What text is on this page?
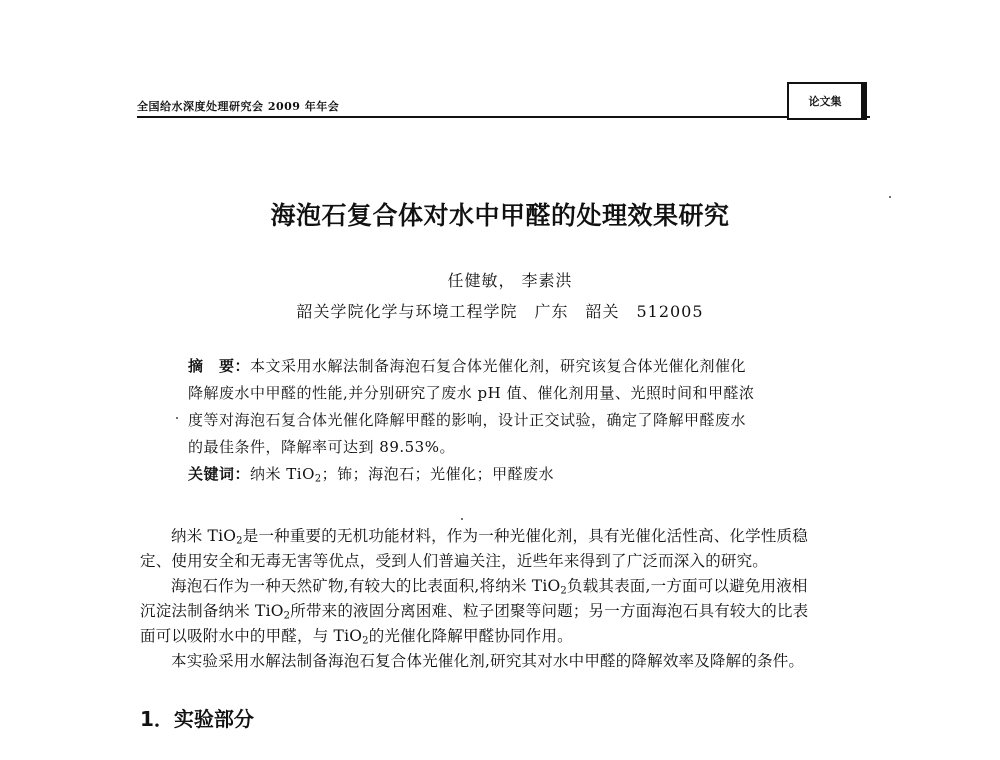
全国给水深度处理研究会 2009 年年会	论文集
海泡石复合体对水中甲醛的处理效果研究
任健敏， 李素洪
韶关学院化学与环境工程学院　广东　韶关　512005
摘　要：本文采用水解法制备海泡石复合体光催化剂，研究该复合体光催化剂催化
降解废水中甲醛的性能,并分别研究了废水 pH 值、催化剂用量、光照时间和甲醛浓
度等对海泡石复合体光催化降解甲醛的影响，设计正交试验，确定了降解甲醛废水
的最佳条件，降解率可达到 89.53%。
关键词：纳米 TiO$_2$；钸；海泡石；光催化；甲醛废水
纳米 TiO$_2$是一种重要的无机功能材料，作为一种光催化剂，具有光催化活性高、化学性质稳
定、使用安全和无毒无害等优点，受到人们普遍关注，近些年来得到了广泛而深入的研究。
海泡石作为一种天然矿物,有较大的比表面积,将纳米 TiO$_2$负载其表面,一方面可以避免用液相
沉淀法制备纳米 TiO$_2$所带来的液固分离困难、粒子团聚等问题；另一方面海泡石具有较大的比表
面可以吸附水中的甲醛，与 TiO$_2$的光催化降解甲醛协同作用。
本实验采用水解法制备海泡石复合体光催化剂,研究其对水中甲醛的降解效率及降解的条件。
1．实验部分
